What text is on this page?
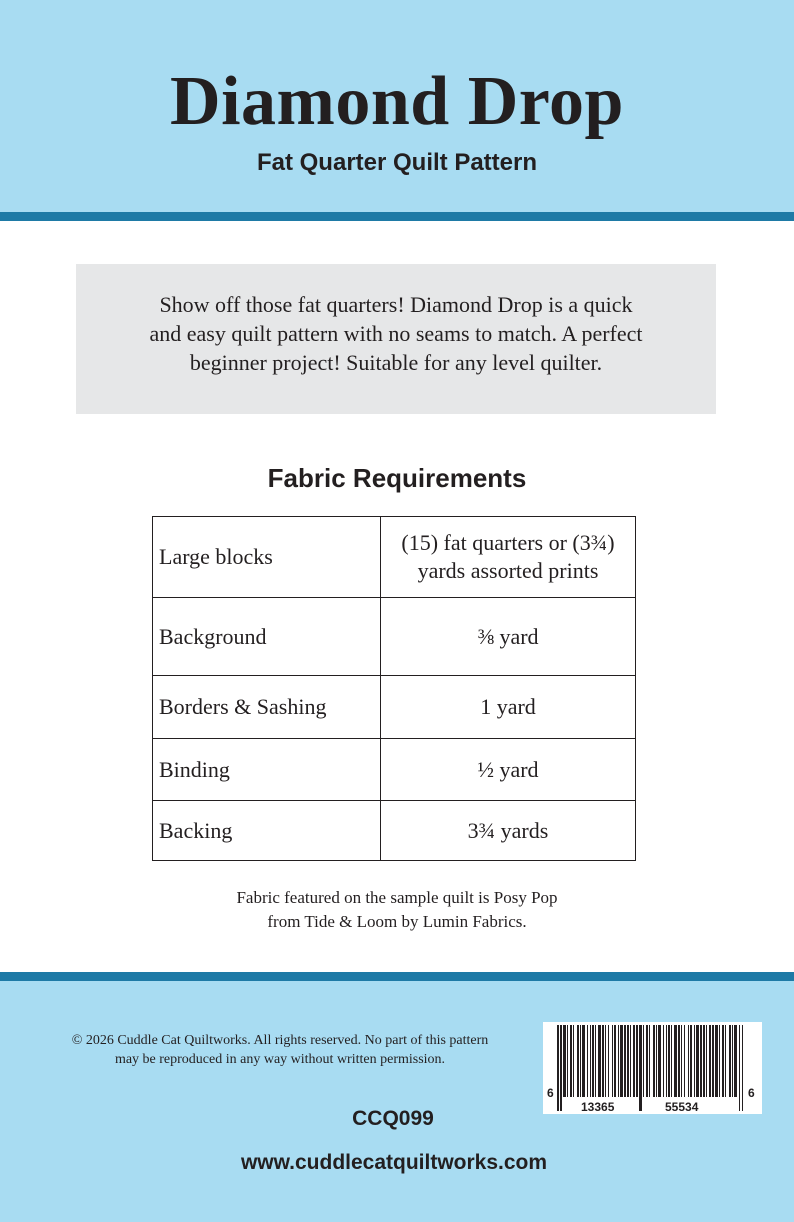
Diamond Drop
Fat Quarter Quilt Pattern
Show off those fat quarters! Diamond Drop is a quick
and easy quilt pattern with no seams to match. A perfect
beginner project! Suitable for any level quilter.
Fabric Requirements
Large blocks	(15) fat quarters or (3¾)
yards assorted prints

Background	⅜ yard
Borders & Sashing	1 yard
Binding	½ yard
Backing	3¾ yards
Fabric featured on the sample quilt is Posy Pop
from Tide & Loom by Lumin Fabrics.
© 2026 Cuddle Cat Quiltworks. All rights reserved. No part of this pattern
may be reproduced in any way without written permission.
6
13365	55534
6
CCQ099
www.cuddlecatquiltworks.com
